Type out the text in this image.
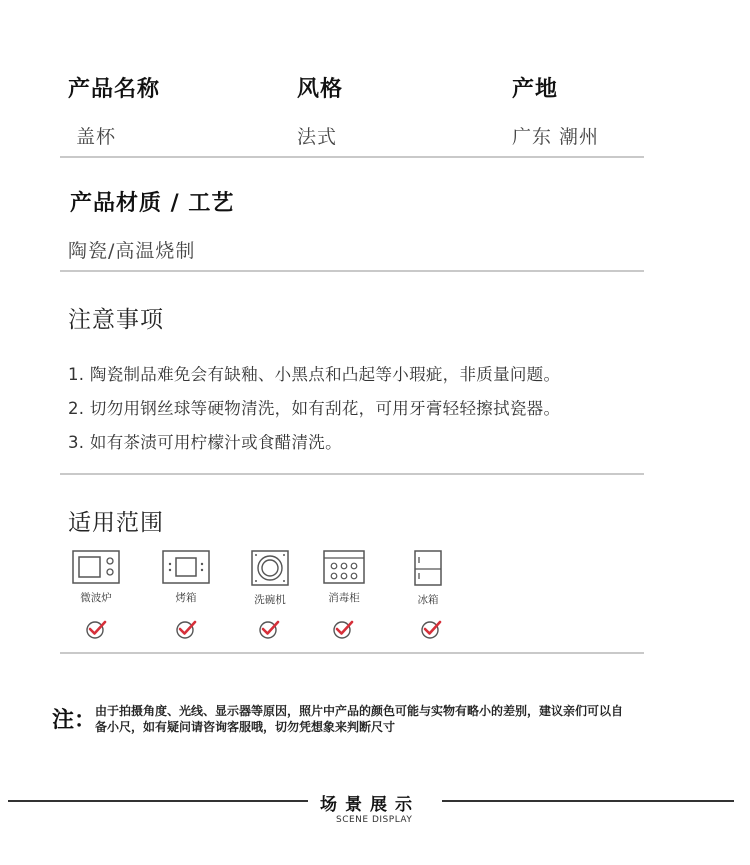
产品名称	风格	产地
盖杯	法式	广东 潮州
产品材质 / 工艺
陶瓷/高温烧制
注意事项
1. 陶瓷制品难免会有缺釉、小黑点和凸起等小瑕疵，非质量问题。
2. 切勿用钢丝球等硬物清洗，如有刮花，可用牙膏轻轻擦拭瓷器。
3. 如有茶渍可用柠檬汁或食醋清洗。
适用范围
微波炉	烤箱	洗碗机	消毒柜	冰箱
注：
由于拍摄角度、光线、显示器等原因，照片中产品的颜色可能与实物有略小的差别，建议亲们可以自
备小尺，如有疑问请咨询客服哦，切勿凭想象来判断尺寸
场景展示
SCENE DISPLAY
